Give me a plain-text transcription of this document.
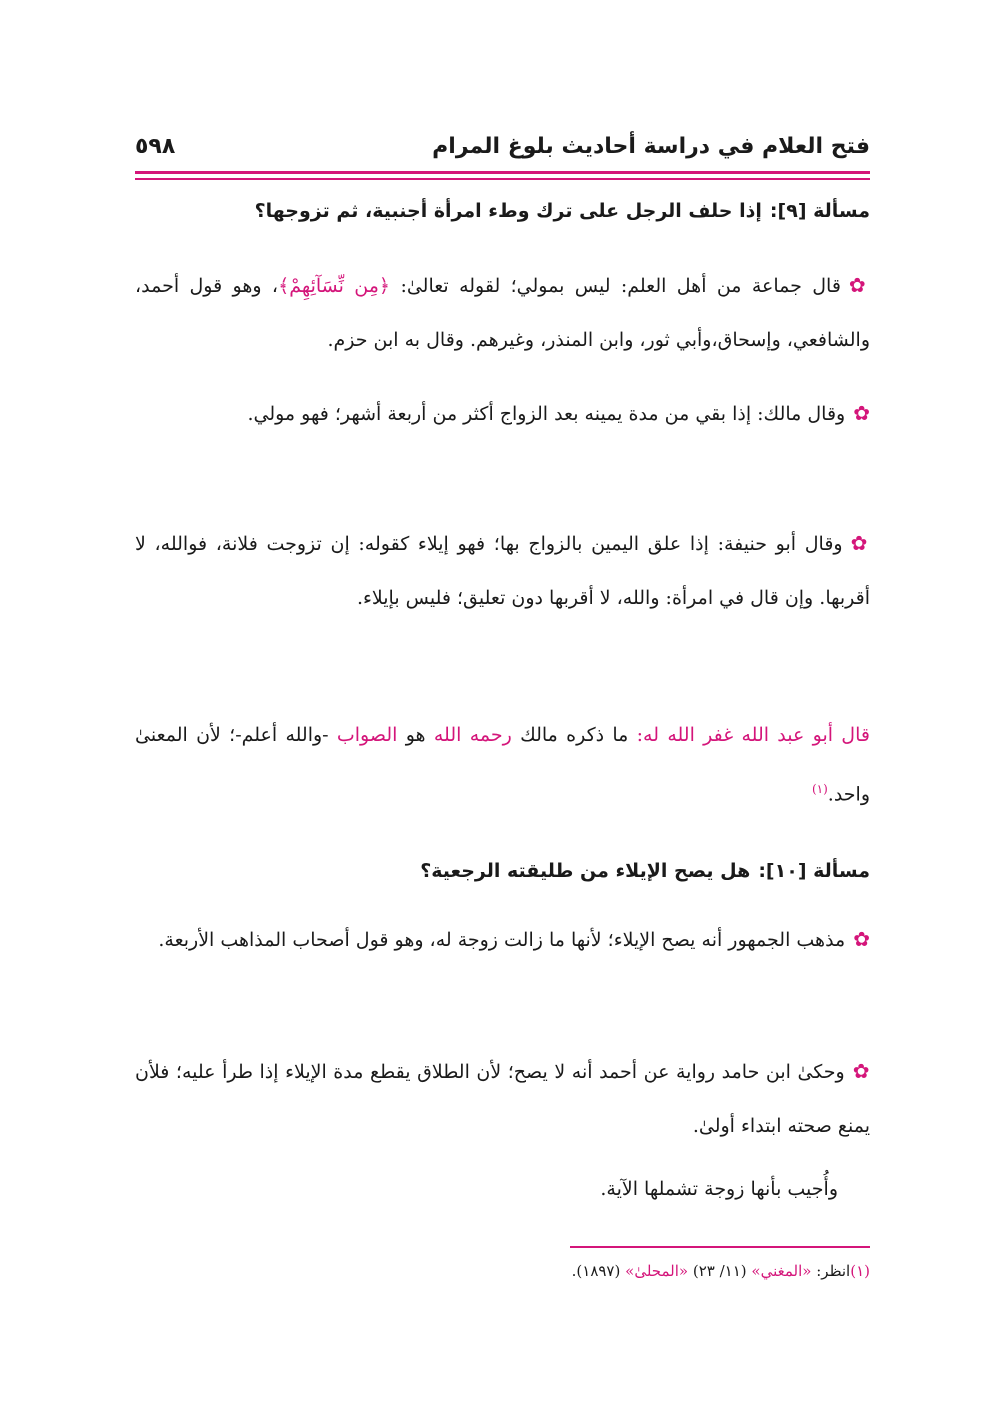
فتح العلام في دراسة أحاديث بلوغ المرام
٥٩٨
مسألة [٩]:إذا حلف الرجل على ترك وطء امرأة أجنبية، ثم تزوجها؟
✿قال جماعة من أهل العلم: ليس بمولي؛ لقوله تعالىٰ: ﴿مِن نِّسَآئِهِمْ﴾، وهو قول أحمد، والشافعي، وإسحاق،وأبي ثور، وابن المنذر، وغيرهم. وقال به ابن حزم.
✿وقال مالك: إذا بقي من مدة يمينه بعد الزواج أكثر من أربعة أشهر؛ فهو مولي.
✿وقال أبو حنيفة: إذا علق اليمين بالزواج بها؛ فهو إيلاء كقوله: إن تزوجت فلانة، فوالله، لا أقربها. وإن قال في امرأة: والله، لا أقربها دون تعليق؛ فليس بإيلاء.
قال أبو عبد الله غفر الله له: ما ذكره مالك رحمه الله هو الصواب -والله أعلم-؛ لأن المعنىٰ واحد.$^{(١)}$
مسألة [١٠]:هل يصح الإيلاء من طليقته الرجعية؟
✿مذهب الجمهور أنه يصح الإيلاء؛ لأنها ما زالت زوجة له، وهو قول أصحاب المذاهب الأربعة.
✿وحكىٰ ابن حامد رواية عن أحمد أنه لا يصح؛ لأن الطلاق يقطع مدة الإيلاء إذا طرأ عليه؛ فلأن يمنع صحته ابتداء أولىٰ.
وأُجيب بأنها زوجة تشملها الآية.
(١)انظر: «المغني» (١١/ ٢٣) «المحلىٰ» (١٨٩٧).
